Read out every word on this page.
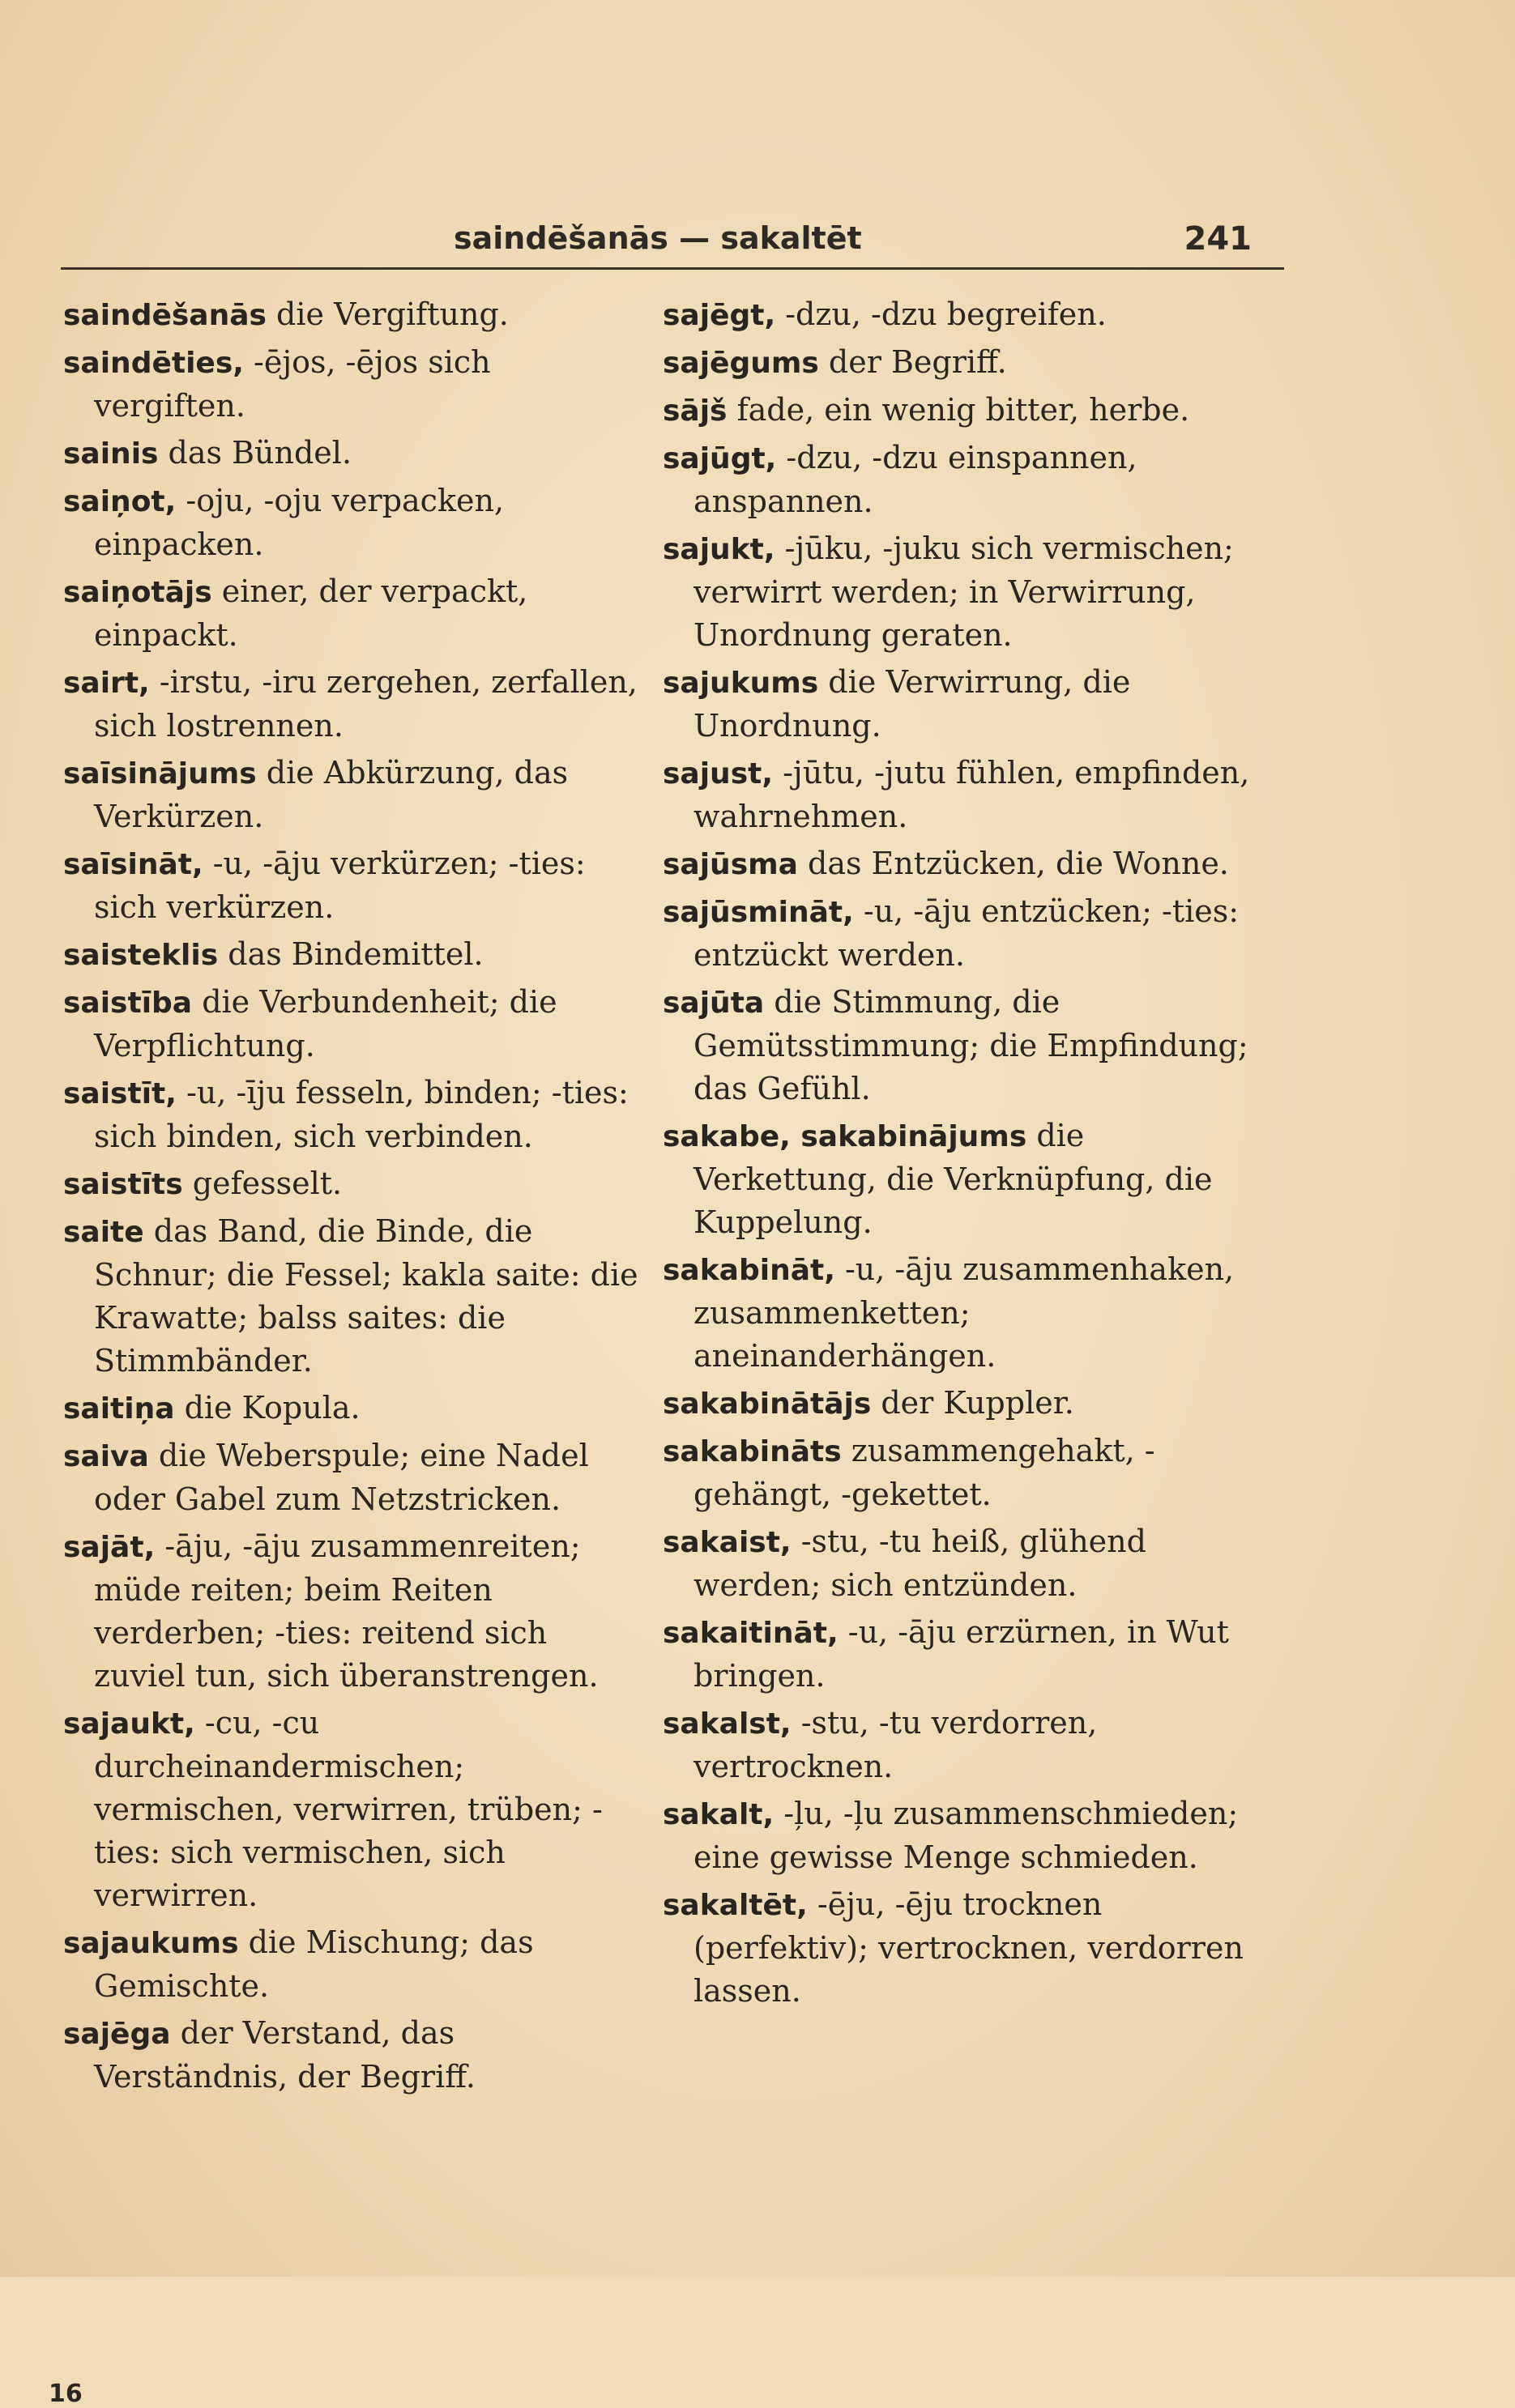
saindēšanās — sakaltēt	241
saindēšanās die Vergiftung.
saindēties, -ējos, -ējos sich vergiften.
sainis das Bündel.
saiņot, -oju, -oju verpacken, einpacken.
saiņotājs einer, der verpackt, einpackt.
sairt, -irstu, -iru zergehen, zerfallen, sich lostrennen.
saīsinājums die Abkürzung, das Verkürzen.
saīsināt, -u, -āju verkürzen; -ties: sich verkürzen.
saisteklis das Bindemittel.
saistība die Verbundenheit; die Verpflichtung.
saistīt, -u, -īju fesseln, binden; -ties: sich binden, sich verbinden.
saistīts gefesselt.
saite das Band, die Binde, die Schnur; die Fessel; kakla saite: die Krawatte; balss saites: die Stimmbänder.
saitiņa die Kopula.
saiva die Weberspule; eine Nadel oder Gabel zum Netzstricken.
sajāt, -āju, -āju zusammenreiten; müde reiten; beim Reiten verderben; -ties: reitend sich zuviel tun, sich überanstrengen.
sajaukt, -cu, -cu durcheinandermischen; vermischen, verwirren, trüben; -ties: sich vermischen, sich verwirren.
sajaukums die Mischung; das Gemischte.
sajēga der Verstand, das Verständnis, der Begriff.
sajēgt, -dzu, -dzu begreifen.
sajēgums der Begriff.
sājš fade, ein wenig bitter, herbe.
sajūgt, -dzu, -dzu einspannen, anspannen.
sajukt, -jūku, -juku sich vermischen; verwirrt werden; in Verwirrung, Unordnung geraten.
sajukums die Verwirrung, die Unordnung.
sajust, -jūtu, -jutu fühlen, empfinden, wahrnehmen.
sajūsma das Entzücken, die Wonne.
sajūsmināt, -u, -āju entzücken; -ties: entzückt werden.
sajūta die Stimmung, die Gemütsstimmung; die Empfindung; das Gefühl.
sakabe, sakabinājums die Verkettung, die Verknüpfung, die Kuppelung.
sakabināt, -u, -āju zusammenhaken, zusammenketten; aneinanderhängen.
sakabinātājs der Kuppler.
sakabināts zusammengehakt, -gehängt, -gekettet.
sakaist, -stu, -tu heiß, glühend werden; sich entzünden.
sakaitināt, -u, -āju erzürnen, in Wut bringen.
sakalst, -stu, -tu verdorren, vertrocknen.
sakalt, -ļu, -ļu zusammenschmieden; eine gewisse Menge schmieden.
sakaltēt, -ēju, -ēju trocknen (perfektiv); vertrocknen, verdorren lassen.
16
